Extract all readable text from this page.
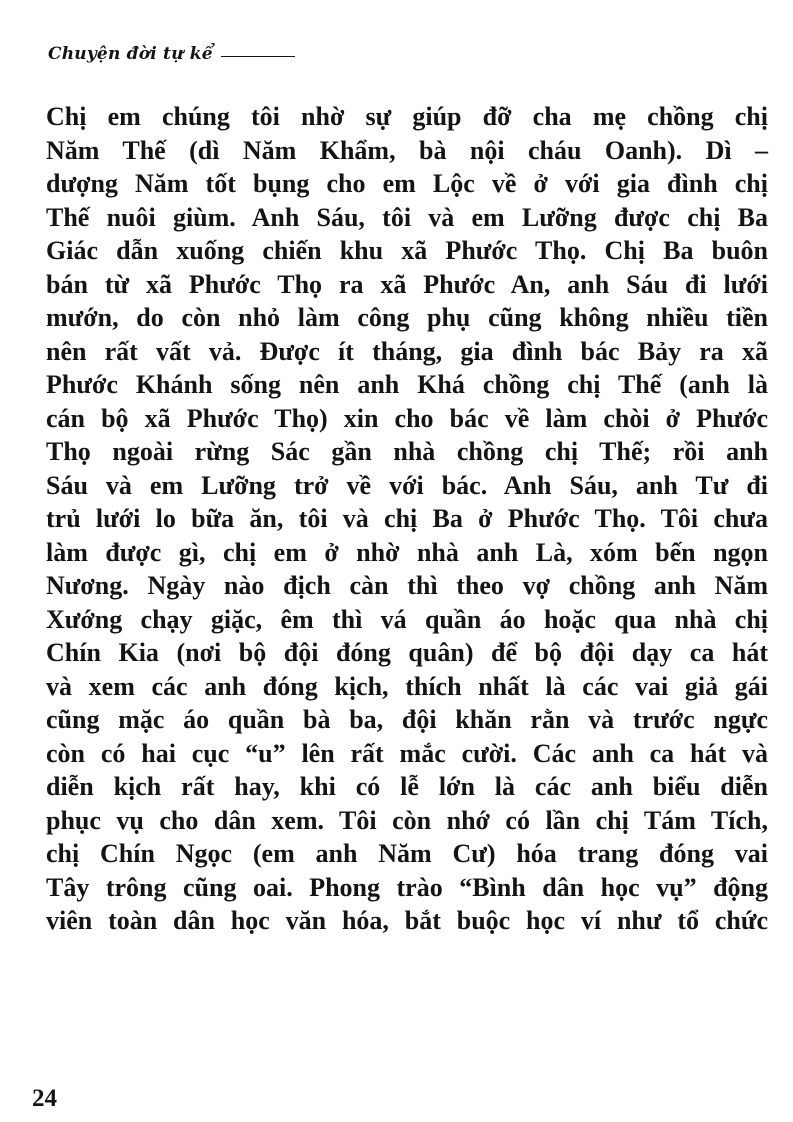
Chuyện đời tự kể
Chị em chúng tôi nhờ sự giúp đỡ cha mẹ chồng chị
Năm Thế (dì Năm Khẩm, bà nội cháu Oanh). Dì –
dượng Năm tốt bụng cho em Lộc về ở với gia đình chị
Thế nuôi giùm. Anh Sáu, tôi và em Lưỡng được chị Ba
Giác dẫn xuống chiến khu xã Phước Thọ. Chị Ba buôn
bán từ xã Phước Thọ ra xã Phước An, anh Sáu đi lưới
mướn, do còn nhỏ làm công phụ cũng không nhiều tiền
nên rất vất vả. Được ít tháng, gia đình bác Bảy ra xã
Phước Khánh sống nên anh Khá chồng chị Thế (anh là
cán bộ xã Phước Thọ) xin cho bác về làm chòi ở Phước
Thọ ngoài rừng Sác gần nhà chồng chị Thế; rồi anh
Sáu và em Lưỡng trở về với bác. Anh Sáu, anh Tư đi
trủ lưới lo bữa ăn, tôi và chị Ba ở Phước Thọ. Tôi chưa
làm được gì, chị em ở nhờ nhà anh Là, xóm bến ngọn
Nương. Ngày nào địch càn thì theo vợ chồng anh Năm
Xướng chạy giặc, êm thì vá quần áo hoặc qua nhà chị
Chín Kia (nơi bộ đội đóng quân) để bộ đội dạy ca hát
và xem các anh đóng kịch, thích nhất là các vai giả gái
cũng mặc áo quần bà ba, đội khăn rằn và trước ngực
còn có hai cục “u” lên rất mắc cười. Các anh ca hát và
diễn kịch rất hay, khi có lễ lớn là các anh biểu diễn
phục vụ cho dân xem. Tôi còn nhớ có lần chị Tám Tích,
chị Chín Ngọc (em anh Năm Cư) hóa trang đóng vai
Tây trông cũng oai. Phong trào “Bình dân học vụ” động
viên toàn dân học văn hóa, bắt buộc học ví như tổ chức
24
